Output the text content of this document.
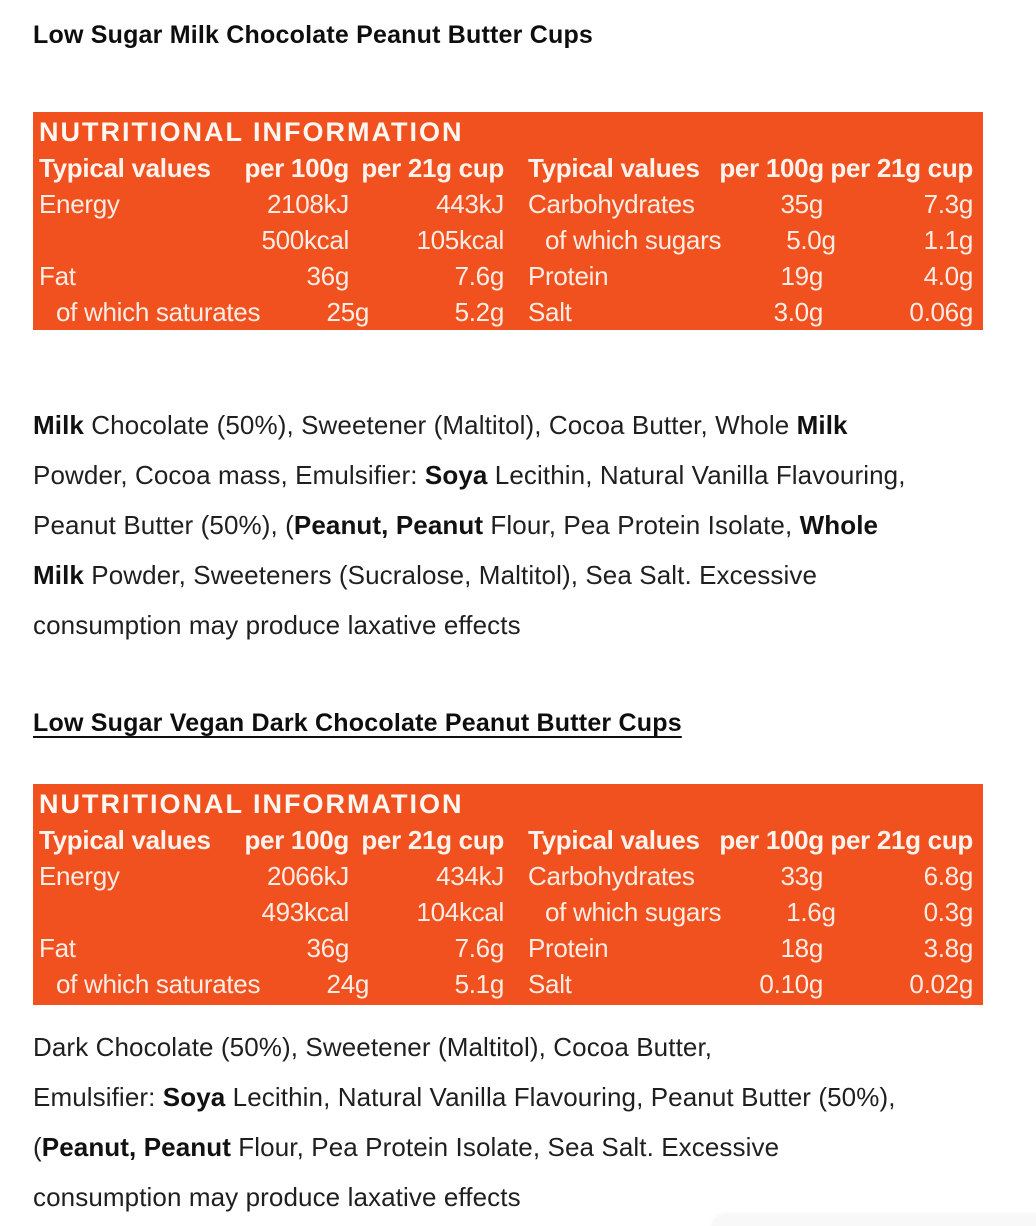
Low Sugar Milk Chocolate Peanut Butter Cups
NUTRITIONAL INFORMATION
Typical values	per 100g per 21g cup
Energy	2108kJ	443kJ
500kcal	105kcal
Fat	36g	7.6g
of which saturates	25g	5.2g
Typical values per 100g per 21g cup
Carbohydrates	35g	7.3g
of which sugars	5.0g	1.1g
Protein	19g	4.0g
Salt	3.0g	0.06g

Milk Chocolate (50%), Sweetener (Maltitol), Cocoa Butter, Whole Milk
Powder, Cocoa mass, Emulsifier: Soya Lecithin, Natural Vanilla Flavouring,
Peanut Butter (50%), (Peanut, Peanut Flour, Pea Protein Isolate, Whole
Milk Powder, Sweeteners (Sucralose, Maltitol), Sea Salt. Excessive
consumption may produce laxative effects

Low Sugar Vegan Dark Chocolate Peanut Butter Cups
NUTRITIONAL INFORMATION
Typical values	per 100g per 21g cup
Energy	2066kJ	434kJ
493kcal	104kcal
Fat	36g	7.6g
of which saturates	24g	5.1g
Typical values per 100g per 21g cup
Carbohydrates	33g	6.8g
of which sugars	1.6g	0.3g
Protein	18g	3.8g
Salt	0.10g	0.02g

Dark Chocolate (50%), Sweetener (Maltitol), Cocoa Butter,
Emulsifier: Soya Lecithin, Natural Vanilla Flavouring, Peanut Butter (50%),
(Peanut, Peanut Flour, Pea Protein Isolate, Sea Salt. Excessive
consumption may produce laxative effects
